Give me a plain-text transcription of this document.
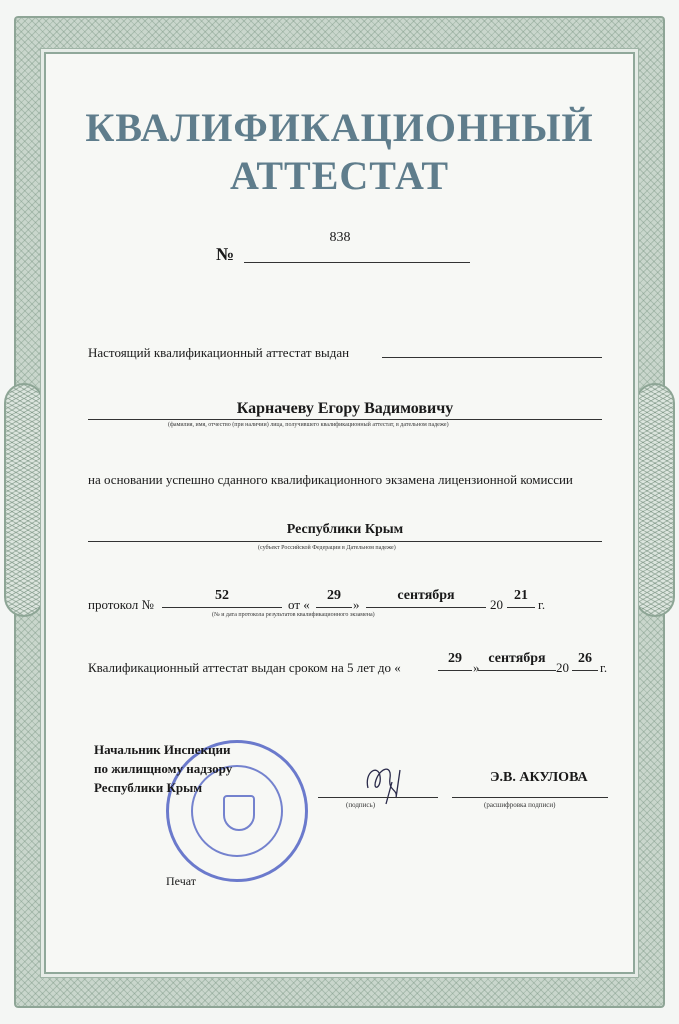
КВАЛИФИКАЦИОННЫЙ
АТТЕСТАТ
№
838
Настоящий квалификационный аттестат выдан
Карначеву Егору Вадимовичу
(фамилия, имя, отчество (при наличии) лица, получившего квалификационный аттестат, в дательном падеже)
на основании успешно сданного квалификационного экзамена лицензионной комиссии
Республики Крым
(субъект Российской Федерации в Дательном падеже)
протокол №
52
от «
29
»
сентября
20
21
г.
(№ и дата протокола результатов квалификационного экзамена)
Квалификационный аттестат выдан сроком на 5 лет до «
29
»
сентября
20
26
г.
Начальник Инспекции
по жилищному надзору
Республики Крым
(подпись)
Э.В. АКУЛОВА
(расшифровка подписи)
Печат
